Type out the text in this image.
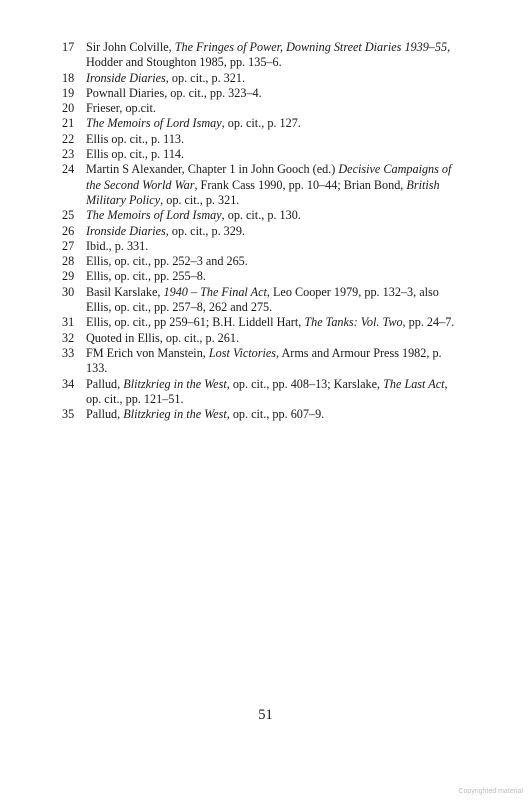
17 Sir John Colville, The Fringes of Power, Downing Street Diaries 1939–55, Hodder and Stoughton 1985, pp. 135–6.
18 Ironside Diaries, op. cit., p. 321.
19 Pownall Diaries, op. cit., pp. 323–4.
20 Frieser, op.cit.
21 The Memoirs of Lord Ismay, op. cit., p. 127.
22 Ellis op. cit., p. 113.
23 Ellis op. cit., p. 114.
24 Martin S Alexander, Chapter 1 in John Gooch (ed.) Decisive Campaigns of the Second World War, Frank Cass 1990, pp. 10–44; Brian Bond, British Military Policy, op. cit., p. 321.
25 The Memoirs of Lord Ismay, op. cit., p. 130.
26 Ironside Diaries, op. cit., p. 329.
27 Ibid., p. 331.
28 Ellis, op. cit., pp. 252–3 and 265.
29 Ellis, op. cit., pp. 255–8.
30 Basil Karslake, 1940 – The Final Act, Leo Cooper 1979, pp. 132–3, also Ellis, op. cit., pp. 257–8, 262 and 275.
31 Ellis, op. cit., pp 259–61; B.H. Liddell Hart, The Tanks: Vol. Two, pp. 24–7.
32 Quoted in Ellis, op. cit., p. 261.
33 FM Erich von Manstein, Lost Victories, Arms and Armour Press 1982, p. 133.
34 Pallud, Blitzkrieg in the West, op. cit., pp. 408–13; Karslake, The Last Act, op. cit., pp. 121–51.
35 Pallud, Blitzkrieg in the West, op. cit., pp. 607–9.
51
Copyrighted material
